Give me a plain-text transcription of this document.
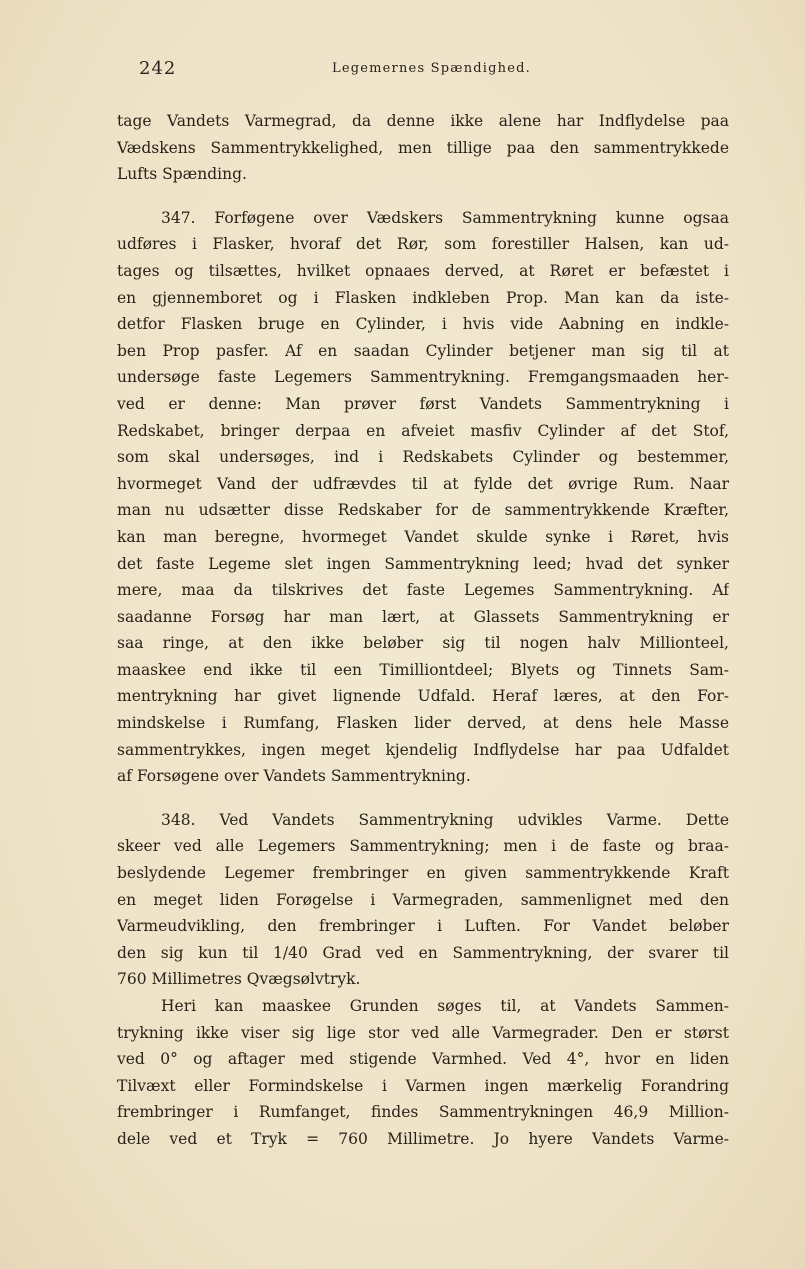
242	Legemernes Spændighed.
tage Vandets Varmegrad, da denne ikke alene har Indflydelse paa
Vædskens Sammentrykkelighed, men tillige paa den sammentrykkede
Lufts Spænding.
347. Forføgene over Vædskers Sammentrykning kunne ogsaa
udføres i Flasker, hvoraf det Rør, som forestiller Halsen, kan ud-
tages og tilsættes, hvilket opnaaes derved, at Røret er befæstet i
en gjennemboret og i Flasken indkleben Prop. Man kan da iste-
detfor Flasken bruge en Cylinder, i hvis vide Aabning en indkle-
ben Prop pasfer. Af en saadan Cylinder betjener man sig til at
undersøge faste Legemers Sammentrykning. Fremgangsmaaden her-
ved er denne: Man prøver først Vandets Sammentrykning i
Redskabet, bringer derpaa en afveiet masfiv Cylinder af det Stof,
som skal undersøges, ind i Redskabets Cylinder og bestemmer,
hvormeget Vand der udfrævdes til at fylde det øvrige Rum. Naar
man nu udsætter disse Redskaber for de sammentrykkende Kræfter,
kan man beregne, hvormeget Vandet skulde synke i Røret, hvis
det faste Legeme slet ingen Sammentrykning leed; hvad det synker
mere, maa da tilskrives det faste Legemes Sammentrykning. Af
saadanne Forsøg har man lært, at Glassets Sammentrykning er
saa ringe, at den ikke beløber sig til nogen halv Millionteel,
maaskee end ikke til een Timilliontdeel; Blyets og Tinnets Sam-
mentrykning har givet lignende Udfald. Heraf læres, at den For-
mindskelse i Rumfang, Flasken lider derved, at dens hele Masse
sammentrykkes, ingen meget kjendelig Indflydelse har paa Udfaldet
af Forsøgene over Vandets Sammentrykning.
348. Ved Vandets Sammentrykning udvikles Varme. Dette
skeer ved alle Legemers Sammentrykning; men i de faste og braa-
beslydende Legemer frembringer en given sammentrykkende Kraft
en meget liden Forøgelse i Varmegraden, sammenlignet med den
Varmeudvikling, den frembringer i Luften. For Vandet beløber
den sig kun til 1/40 Grad ved en Sammentrykning, der svarer til
760 Millimetres Qvægsølvtryk.
Heri kan maaskee Grunden søges til, at Vandets Sammen-
trykning ikke viser sig lige stor ved alle Varmegrader. Den er størst
ved 0° og aftager med stigende Varmhed. Ved 4°, hvor en liden
Tilvæxt eller Formindskelse i Varmen ingen mærkelig Forandring
frembringer i Rumfanget, findes Sammentrykningen 46,9 Million-
dele ved et Tryk = 760 Millimetre. Jo hyere Vandets Varme-
